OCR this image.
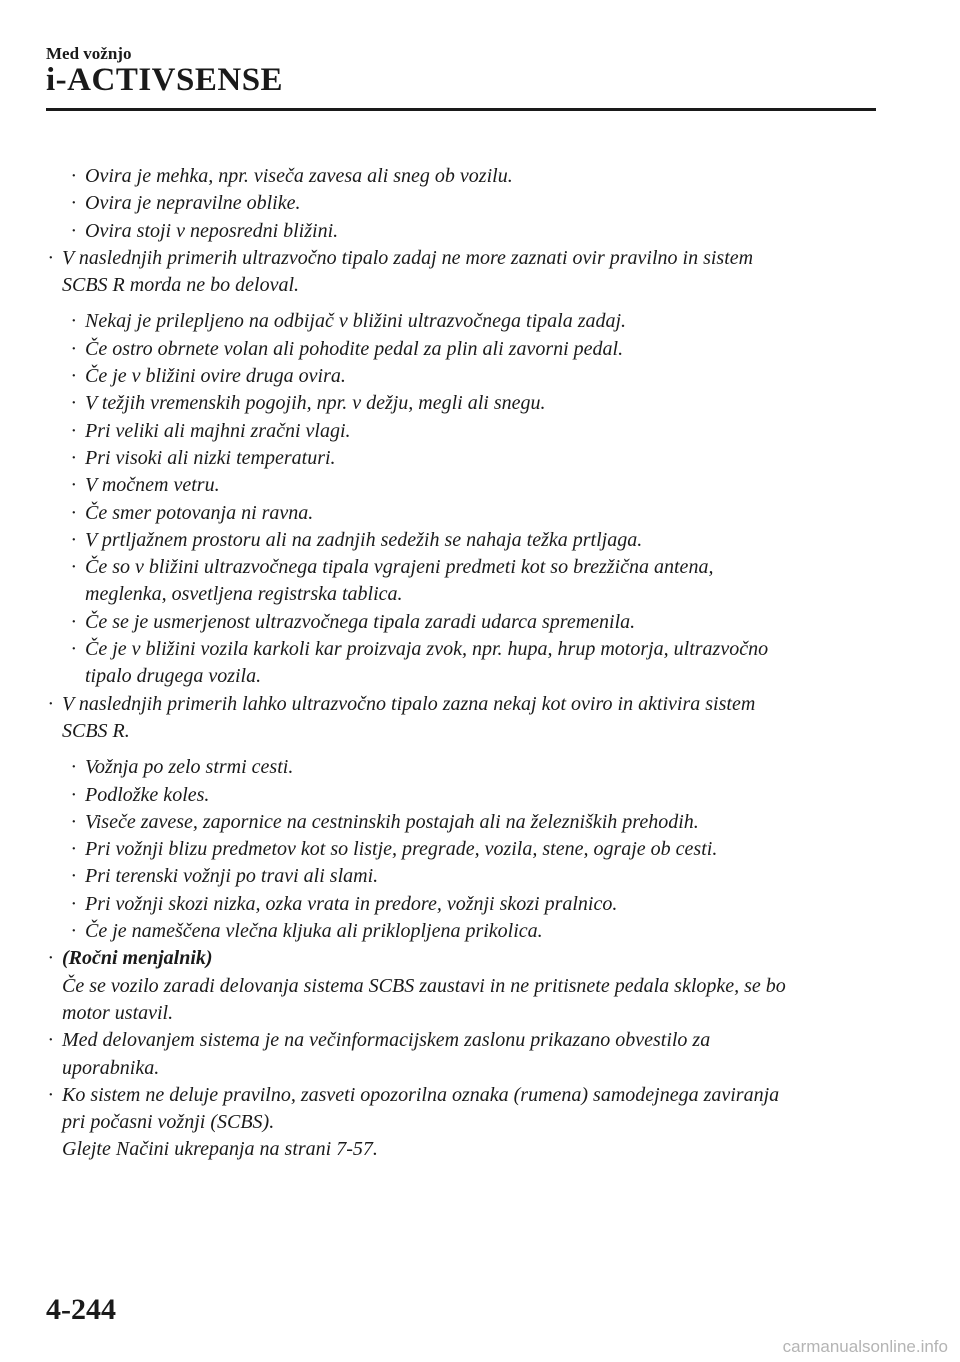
Med vožnjo
i-ACTIVSENSE
· Ovira je mehka, npr. viseča zavesa ali sneg ob vozilu.
· Ovira je nepravilne oblike.
· Ovira stoji v neposredni bližini.
· V naslednjih primerih ultrazvočno tipalo zadaj ne more zaznati ovir pravilno in sistem
SCBS R morda ne bo deloval.
· Nekaj je prilepljeno na odbijač v bližini ultrazvočnega tipala zadaj.
· Če ostro obrnete volan ali pohodite pedal za plin ali zavorni pedal.
· Če je v bližini ovire druga ovira.
· V težjih vremenskih pogojih, npr. v dežju, megli ali snegu.
· Pri veliki ali majhni zračni vlagi.
· Pri visoki ali nizki temperaturi.
· V močnem vetru.
· Če smer potovanja ni ravna.
· V prtljažnem prostoru ali na zadnjih sedežih se nahaja težka prtljaga.
· Če so v bližini ultrazvočnega tipala vgrajeni predmeti kot so brezžična antena,
meglenka, osvetljena registrska tablica.
· Če se je usmerjenost ultrazvočnega tipala zaradi udarca spremenila.
· Če je v bližini vozila karkoli kar proizvaja zvok, npr. hupa, hrup motorja, ultrazvočno
tipalo drugega vozila.
· V naslednjih primerih lahko ultrazvočno tipalo zazna nekaj kot oviro in aktivira sistem
SCBS R.
· Vožnja po zelo strmi cesti.
· Podložke koles.
· Viseče zavese, zapornice na cestninskih postajah ali na železniških prehodih.
· Pri vožnji blizu predmetov kot so listje, pregrade, vozila, stene, ograje ob cesti.
· Pri terenski vožnji po travi ali slami.
· Pri vožnji skozi nizka, ozka vrata in predore, vožnji skozi pralnico.
· Če je nameščena vlečna kljuka ali priklopljena prikolica.
· (Ročni menjalnik)
Če se vozilo zaradi delovanja sistema SCBS zaustavi in ne pritisnete pedala sklopke, se bo
motor ustavil.
· Med delovanjem sistema je na večinformacijskem zaslonu prikazano obvestilo za
uporabnika.
· Ko sistem ne deluje pravilno, zasveti opozorilna oznaka (rumena) samodejnega zaviranja
pri počasni vožnji (SCBS).
Glejte Načini ukrepanja na strani 7-57.
4-244
carmanualsonline.info
